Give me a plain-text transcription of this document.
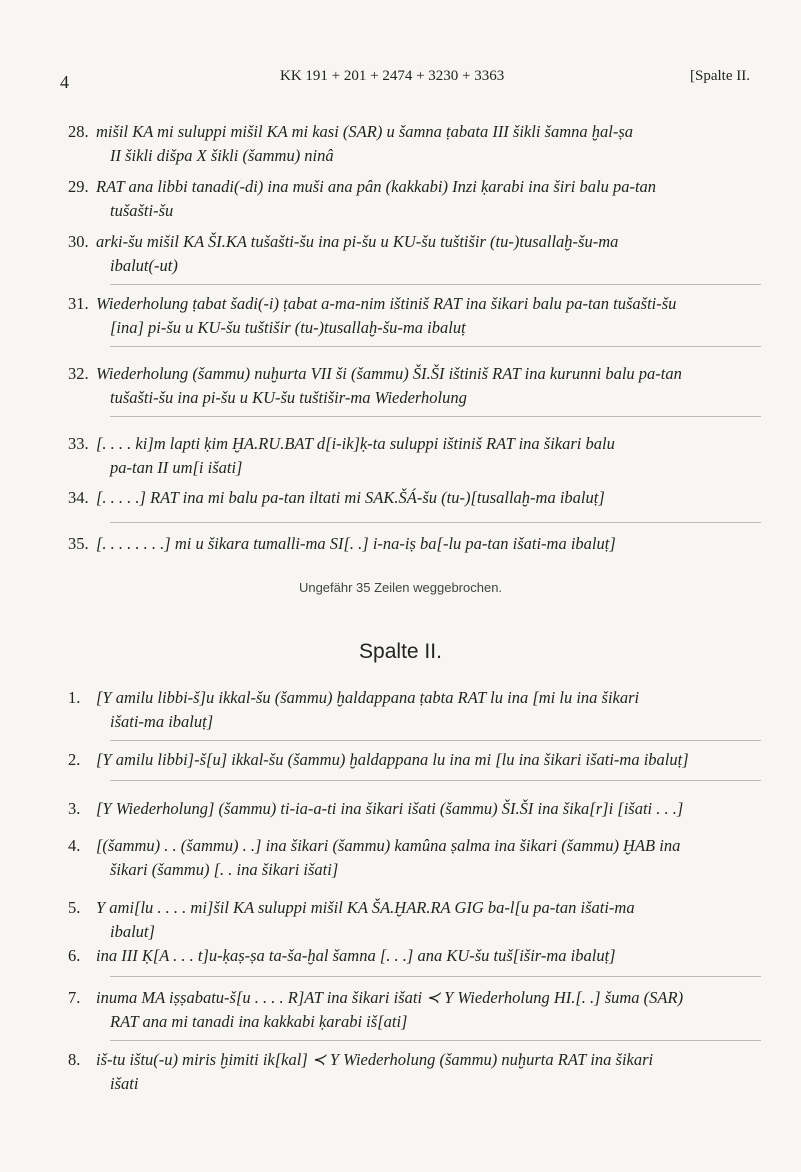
4	KK 191 + 201 + 2474 + 3230 + 3363	[Spalte II.
28. mišil KA mi suluppi mišil KA mi kasi (SAR) u šamna ṭabata III šikli šamna ḫal-ṣa
II šikli dišpa X šikli (šammu) ninâ
29. RAT ana libbi tanadi(-di) ina muši ana pân (kakkabi) Inzi ḳarabi ina širi balu pa-tan
tušašti-šu
30. arki-šu mišil KA ŠI.KA tušašti-šu ina pi-šu u KU-šu tuštišir (tu-)tusallaḫ-šu-ma
ibalut(-ut)
31. Wiederholung ṭabat šadi(-i) ṭabat a-ma-nim ištiniš RAT ina šikari balu pa-tan tušašti-šu
[ina] pi-šu u KU-šu tuštišir (tu-)tusallaḫ-šu-ma ibaluṭ
32. Wiederholung (šammu) nuḫurta VII ši (šammu) ŠI.ŠI ištiniš RAT ina kurunni balu pa-tan
tušašti-šu ina pi-šu u KU-šu tuštišir-ma Wiederholung
33. [. . . . ki]m lapti ḳim ḪA.RU.BAT d[i-ik]ḳ-ta suluppi ištiniš RAT ina šikari balu
pa-tan II um[i išati]
34. [. . . . .] RAT ina mi balu pa-tan iltati mi SAK.ŠÁ-šu (tu-)[tusallaḫ-ma ibaluṭ]
35. [. . . . . . . .] mi u šikara tumalli-ma SI[. .] i-na-iṣ ba[-lu pa-tan išati-ma ibaluṭ]
Ungefähr 35 Zeilen weggebrochen.
Spalte II.
1. [Y amilu libbi-š]u ikkal-šu (šammu) ḫaldappana ṭabta RAT lu ina [mi lu ina šikari
išati-ma ibaluṭ]
2. [Y amilu libbi]-š[u] ikkal-šu (šammu) ḫaldappana lu ina mi [lu ina šikari išati-ma ibaluṭ]
3. [Y Wiederholung] (šammu) ti-ia-a-ti ina šikari išati (šammu) ŠI.ŠI ina šika[r]i [išati . . .]
4. [(šammu) . . (šammu) . .] ina šikari (šammu) kamûna ṣalma ina šikari (šammu) ḪAB ina
šikari (šammu) [. . ina šikari išati]
5. Y ami[lu . . . . mi]šil KA suluppi mišil KA ŠA.ḪAR.RA GIG ba-l[u pa-tan išati-ma
ibalut]
6. ina III Ḳ[A . . . t]u-ḳaṣ-ṣa ta-ša-ḫal šamna [. . .] ana KU-šu tuš[išir-ma ibaluṭ]
7. inuma MA iṣṣabatu-š[u . . . . R]AT ina šikari išati ≺ Y Wiederholung HI.[. .] šuma (SAR)
RAT ana mi tanadi ina kakkabi ḳarabi iš[ati]
8. iš-tu ištu(-u) miris ḫimiti ik[kal] ≺ Y Wiederholung (šammu) nuḫurta RAT ina šikari
išati
